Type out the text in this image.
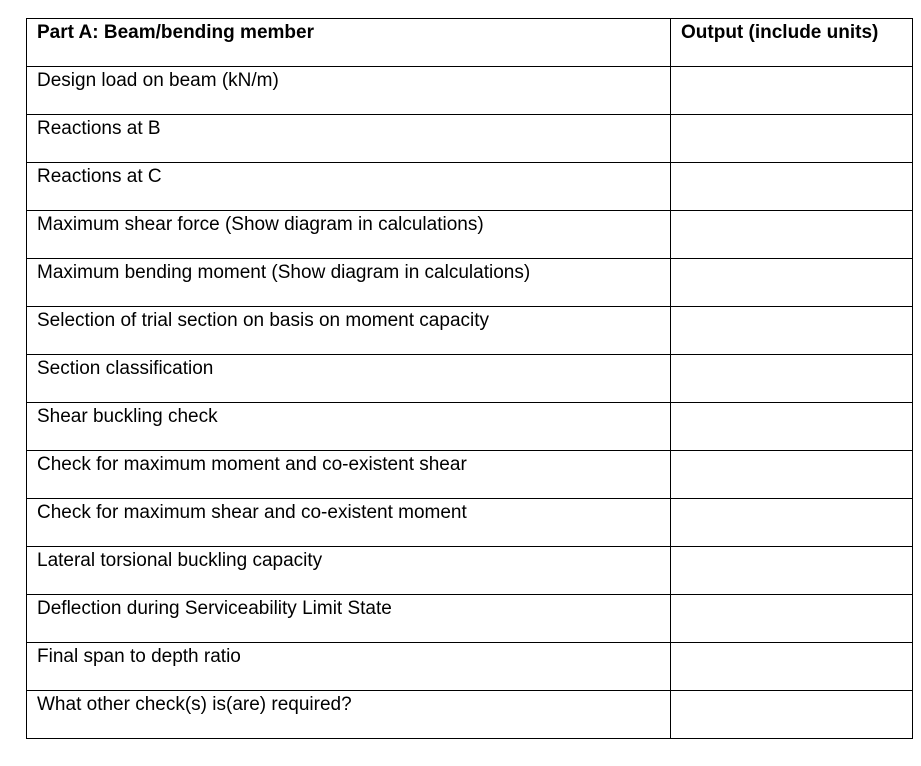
Part A: Beam/bending member	Output (include units)
Design load on beam (kN/m)	
Reactions at B	
Reactions at C	
Maximum shear force (Show diagram in calculations)	
Maximum bending moment (Show diagram in calculations)	
Selection of trial section on basis on moment capacity	
Section classification	
Shear buckling check	
Check for maximum moment and co-existent shear	
Check for maximum shear and co-existent moment	
Lateral torsional buckling capacity	
Deflection during Serviceability Limit State	
Final span to depth ratio	
What other check(s) is(are) required?	
